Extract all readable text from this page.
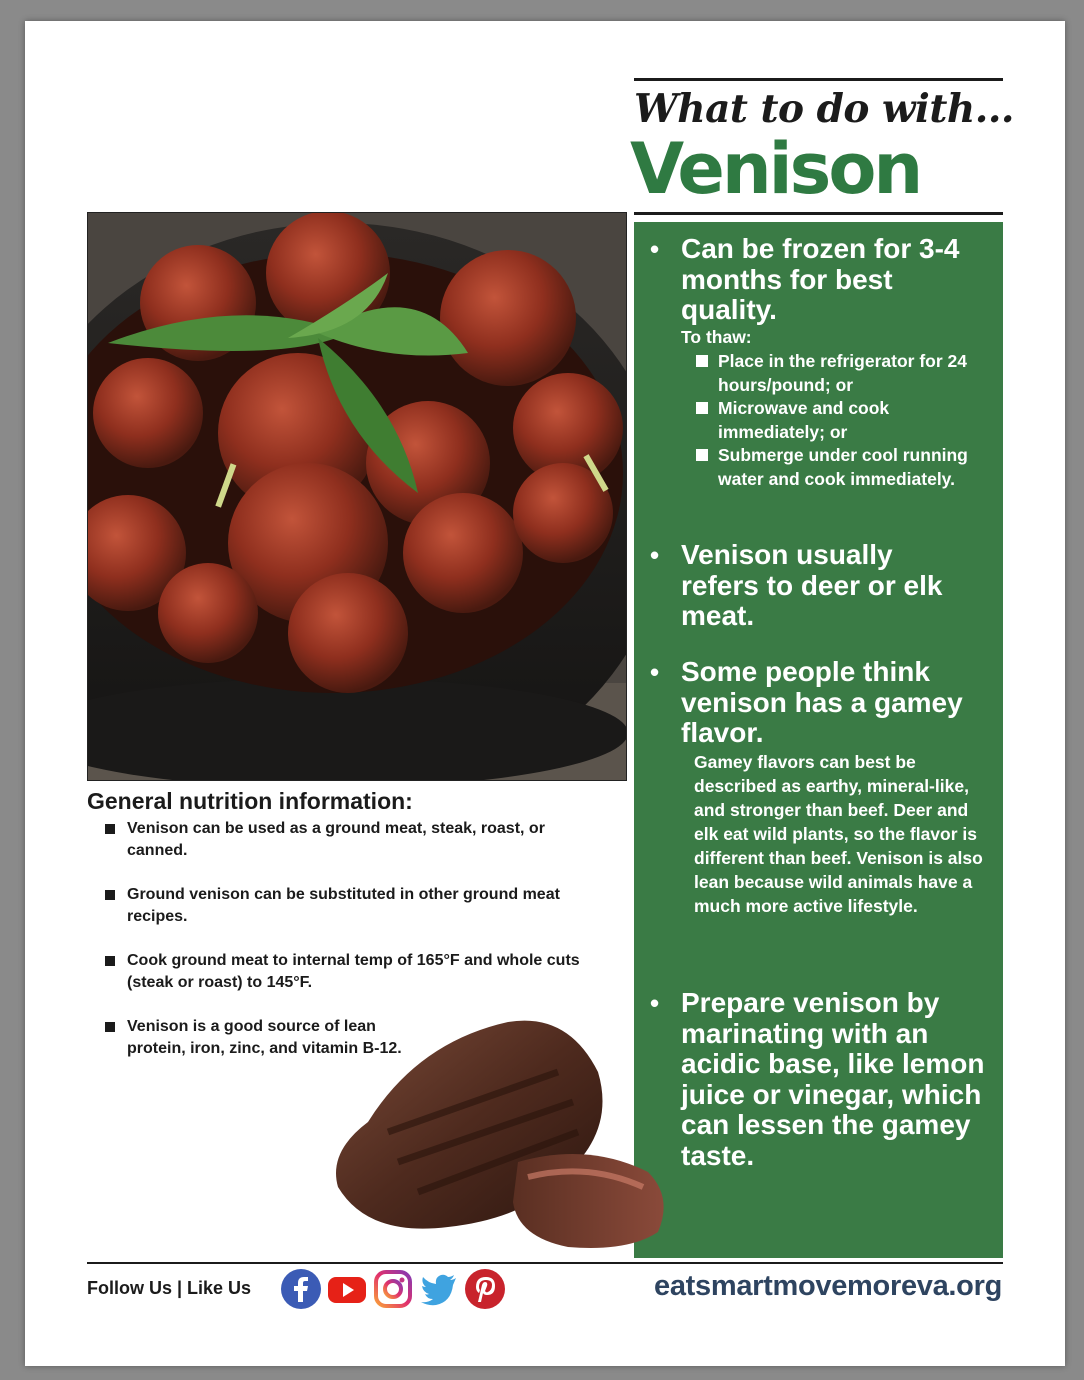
What to do with...
Venison
General nutrition information:
Venison can be used as a ground meat, steak, roast, or canned.
Ground venison can be substituted in other ground meat recipes.
Cook ground meat to internal temp of 165°F and whole cuts (steak or roast) to 145°F.
Venison is a good source of lean protein, iron, zinc, and vitamin B-12.
• Can be frozen for 3-4 months for best quality.
To thaw:
Place in the refrigerator for 24 hours/pound; or
Microwave and cook immediately; or
Submerge under cool running water and cook immediately.
• Venison usually refers to deer or elk meat.
• Some people think venison has a gamey flavor.
Gamey flavors can best be described as earthy, mineral-like, and stronger than beef. Deer and elk eat wild plants, so the flavor is different than beef. Venison is also lean because wild animals have a much more active lifestyle.
• Prepare venison by marinating with an acidic base, like lemon juice or vinegar, which can lessen the gamey taste.
Follow Us | Like Us	eatsmartmovemoreva.org
